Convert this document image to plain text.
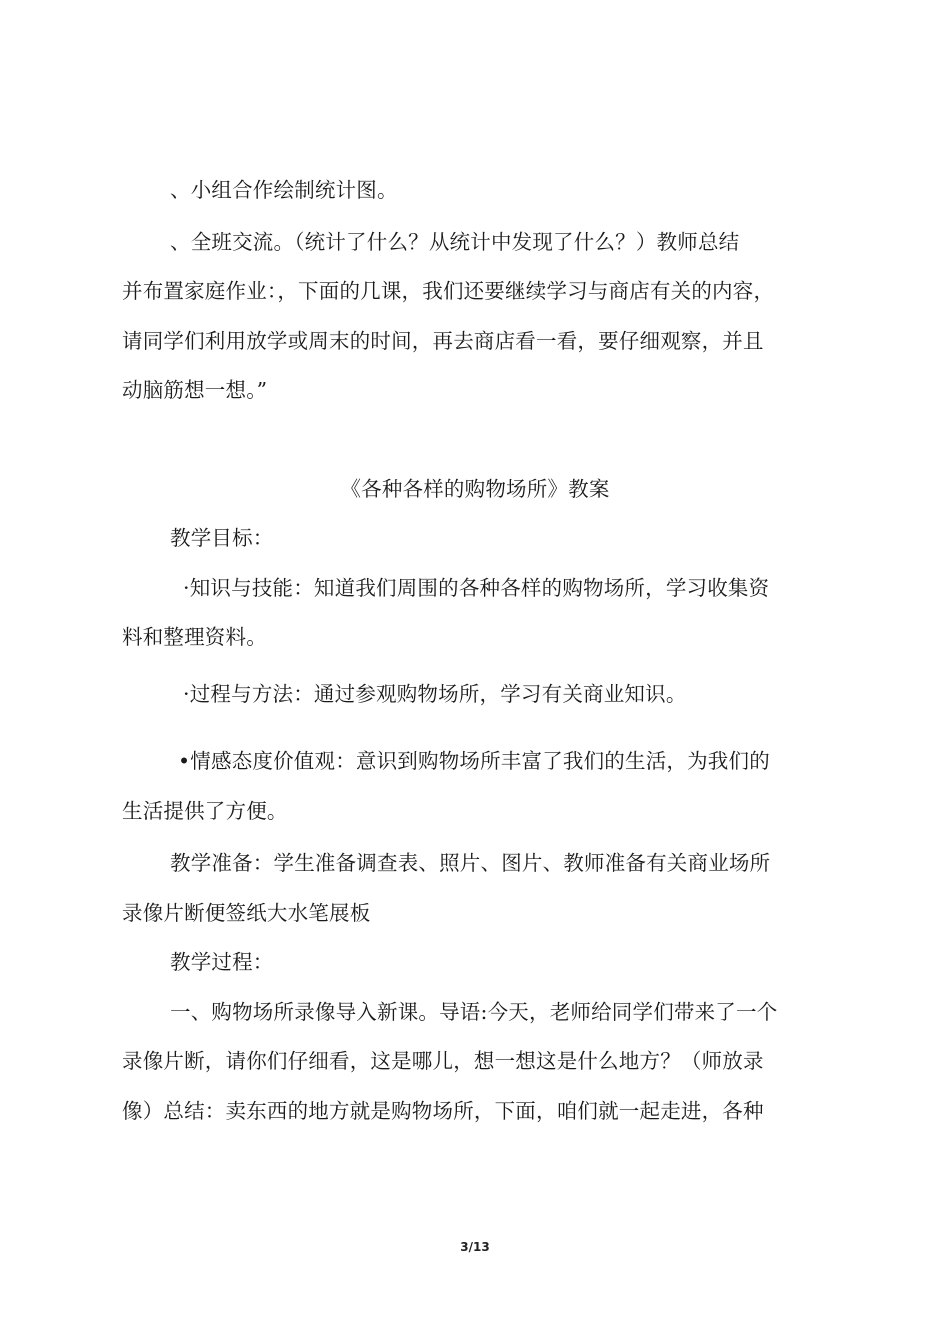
、小组合作绘制统计图。
、全班交流。（统计了什么？从统计中发现了什么？）教师总结
并布置家庭作业：，下面的几课，我们还要继续学习与商店有关的内容，
请同学们利用放学或周末的时间，再去商店看一看，要仔细观察，并且
动脑筋想一想。”
《各种各样的购物场所》教案
教学目标：
·知识与技能：知道我们周围的各种各样的购物场所，学习收集资
料和整理资料。
·过程与方法：通过参观购物场所，学习有关商业知识。
•情感态度价值观：意识到购物场所丰富了我们的生活，为我们的
生活提供了方便。
教学准备：学生准备调查表、照片、图片、教师准备有关商业场所
录像片断便签纸大水笔展板
教学过程：
一、购物场所录像导入新课。导语:今天，老师给同学们带来了一个
录像片断，请你们仔细看，这是哪儿，想一想这是什么地方？（师放录
像）总结：卖东西的地方就是购物场所，下面，咱们就一起走进，各种
3/13
